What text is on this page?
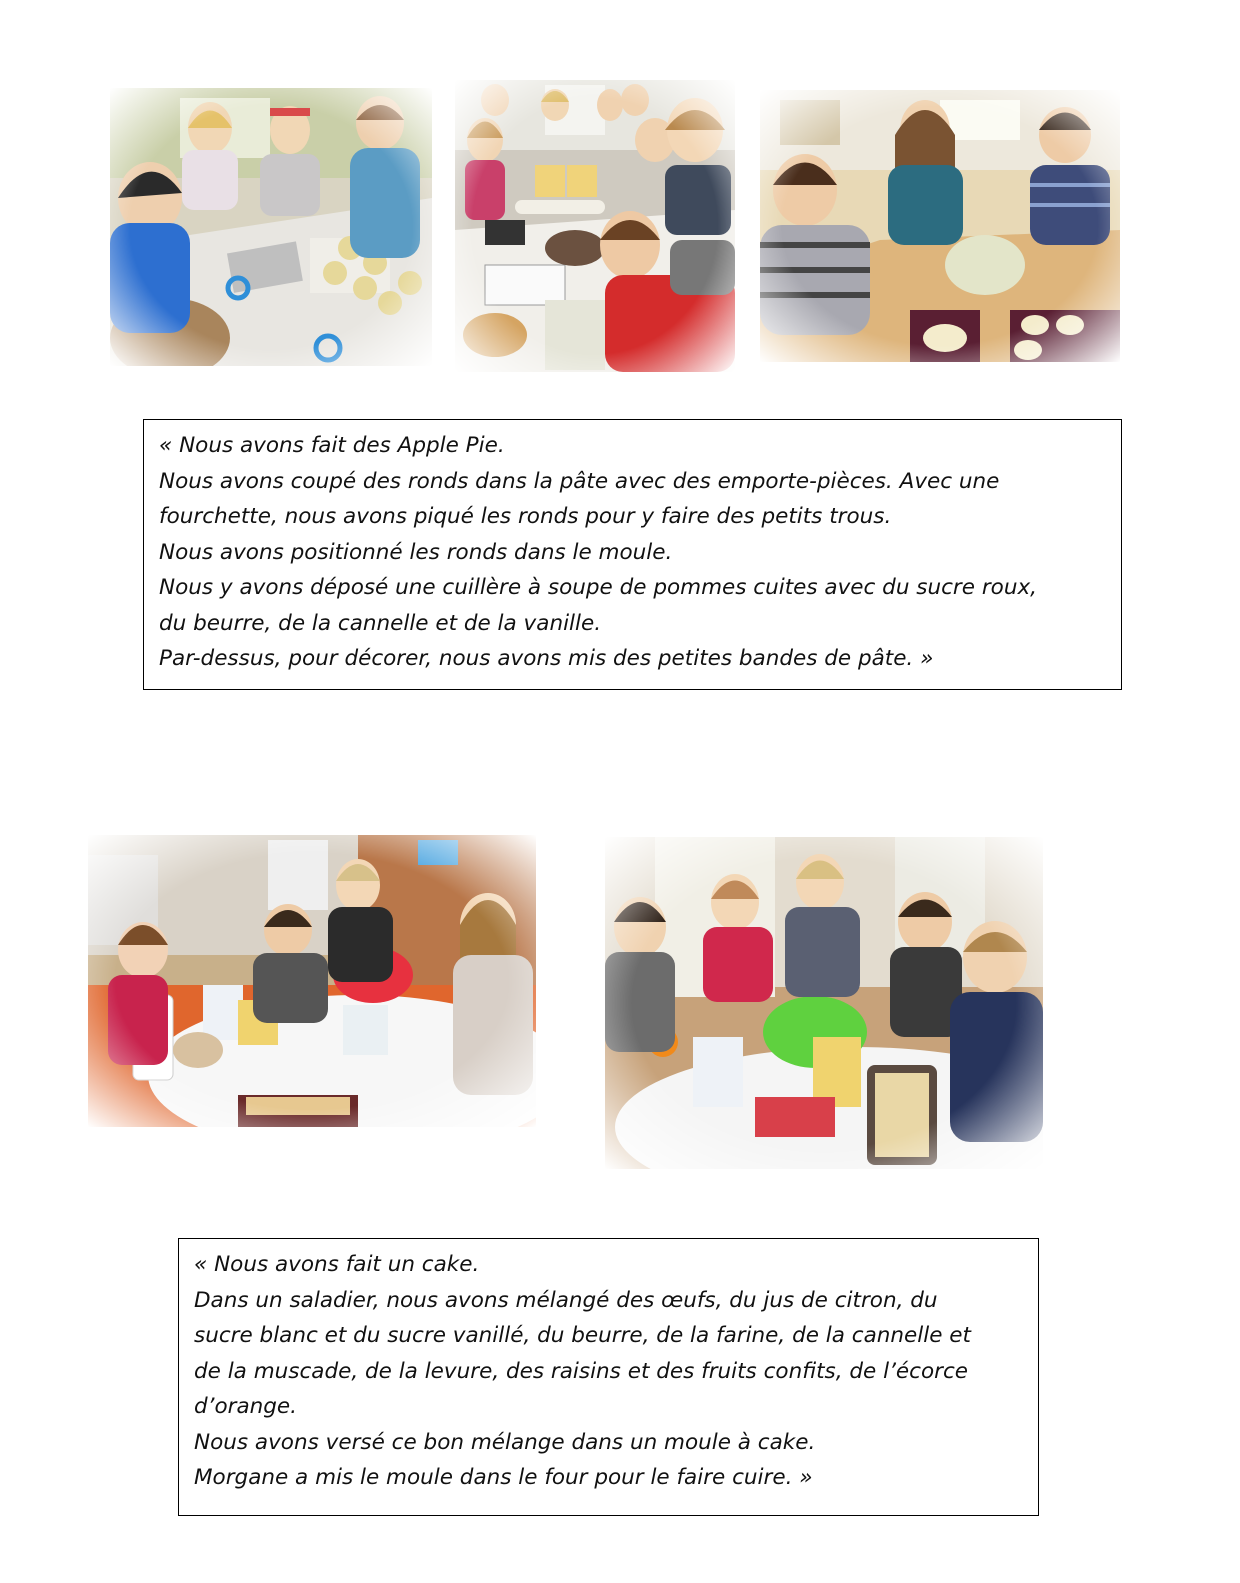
« Nous avons fait des Apple Pie.

Nous avons coupé des ronds dans la pâte avec des emporte-pièces. Avec une

fourchette, nous avons piqué les ronds pour y faire des petits trous.

Nous avons positionné les ronds dans le moule.

Nous y avons déposé une cuillère à soupe de pommes cuites avec du sucre roux,

du beurre, de la cannelle et de la vanille.

Par-dessus, pour décorer, nous avons mis des petites bandes de pâte. »

« Nous avons fait un cake.

Dans un saladier, nous avons mélangé des œufs, du jus de citron, du

sucre blanc et du sucre vanillé, du beurre, de la farine, de la cannelle et

de la muscade, de la levure, des raisins et des fruits confits, de l’écorce

d’orange.

Nous avons versé ce bon mélange dans un moule à cake.

Morgane a mis le moule dans le four pour le faire cuire. »
